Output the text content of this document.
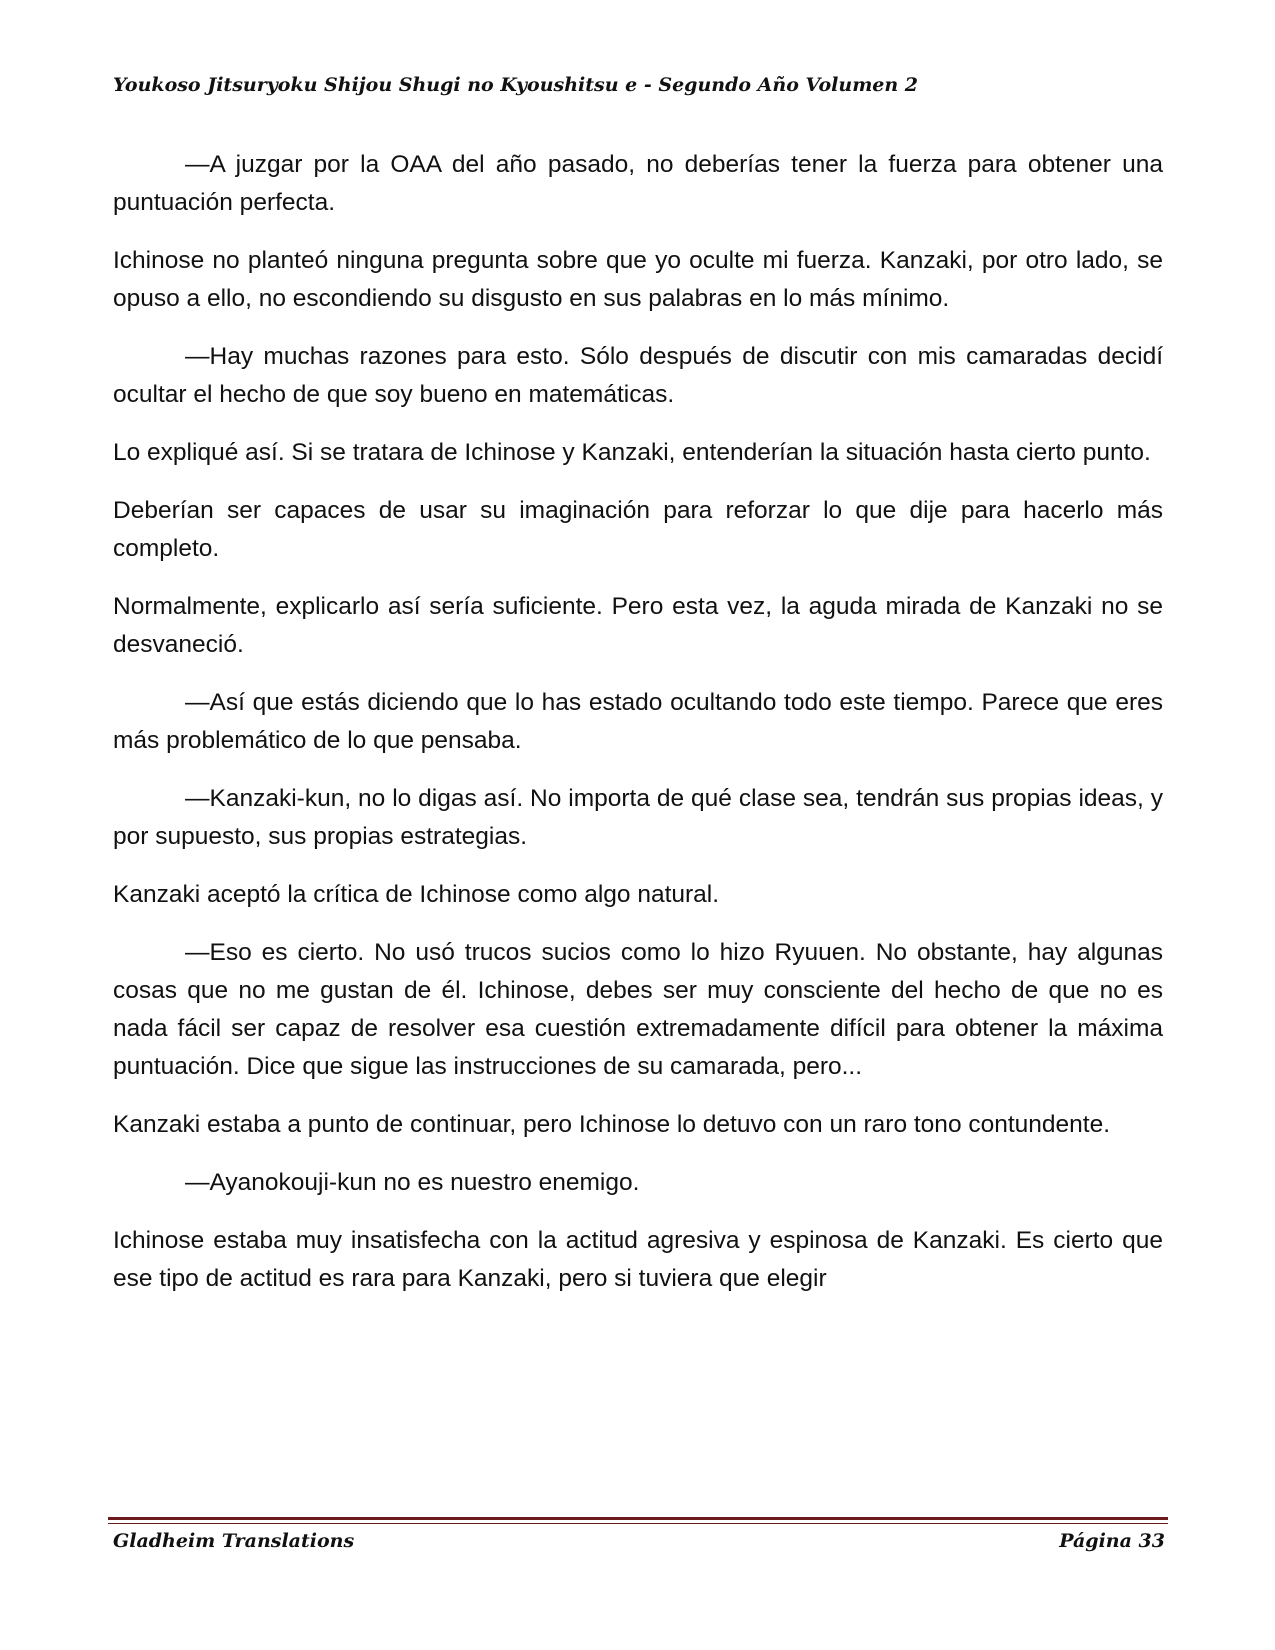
Youkoso Jitsuryoku Shijou Shugi no Kyoushitsu e - Segundo Año Volumen 2

—A juzgar por la OAA del año pasado, no deberías tener la fuerza para obtener una puntuación perfecta.

Ichinose no planteó ninguna pregunta sobre que yo oculte mi fuerza. Kanzaki, por otro lado, se opuso a ello, no escondiendo su disgusto en sus palabras en lo más mínimo.

—Hay muchas razones para esto. Sólo después de discutir con mis camaradas decidí ocultar el hecho de que soy bueno en matemáticas.

Lo expliqué así. Si se tratara de Ichinose y Kanzaki, entenderían la situación hasta cierto punto.

Deberían ser capaces de usar su imaginación para reforzar lo que dije para hacerlo más completo.

Normalmente, explicarlo así sería suficiente. Pero esta vez, la aguda mirada de Kanzaki no se desvaneció.

—Así que estás diciendo que lo has estado ocultando todo este tiempo. Parece que eres más problemático de lo que pensaba.

—Kanzaki-kun, no lo digas así. No importa de qué clase sea, tendrán sus propias ideas, y por supuesto, sus propias estrategias.

Kanzaki aceptó la crítica de Ichinose como algo natural.

—Eso es cierto. No usó trucos sucios como lo hizo Ryuuen. No obstante, hay algunas cosas que no me gustan de él. Ichinose, debes ser muy consciente del hecho de que no es nada fácil ser capaz de resolver esa cuestión extremadamente difícil para obtener la máxima puntuación. Dice que sigue las instrucciones de su camarada, pero...

Kanzaki estaba a punto de continuar, pero Ichinose lo detuvo con un raro tono contundente.

—Ayanokouji-kun no es nuestro enemigo.

Ichinose estaba muy insatisfecha con la actitud agresiva y espinosa de Kanzaki. Es cierto que ese tipo de actitud es rara para Kanzaki, pero si tuviera que elegir

Gladheim Translations	Página 33
